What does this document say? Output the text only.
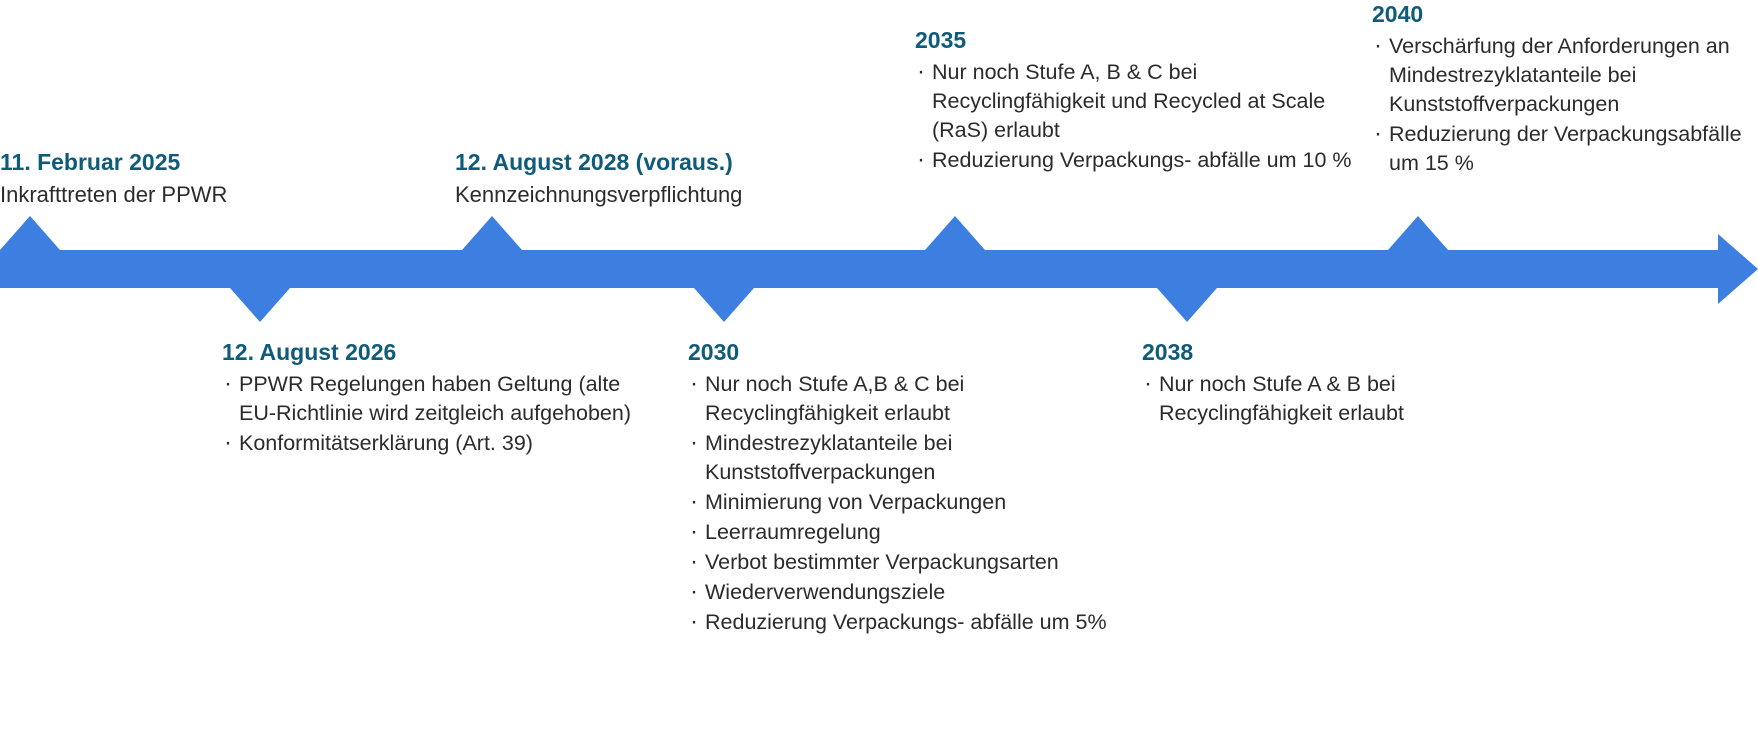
11. Februar 2025

Inkrafttreten der PPWR

12. August 2026

· PPWR Regelungen haben Geltung (alte EU-Richtlinie wird zeitgleich aufgehoben)
· Konformitätserklärung (Art. 39)

12. August 2028 (voraus.)

Kennzeichnungsverpflichtung

2030

· Nur noch Stufe A,B & C bei Recyclingfähigkeit erlaubt
· Mindestrezyklatanteile bei Kunststoffverpackungen
· Minimierung von Verpackungen
· Leerraumregelung
· Verbot bestimmter Verpackungsarten
· Wiederverwendungsziele
· Reduzierung Verpackungs- abfälle um 5%

2035

· Nur noch Stufe A, B & C bei Recyclingfähigkeit und Recycled at Scale (RaS) erlaubt
· Reduzierung Verpackungs- abfälle um 10 %

2038

· Nur noch Stufe A & B bei Recyclingfähigkeit erlaubt

2040

· Verschärfung der Anforderungen an Mindestrezyklatanteile bei Kunststoffverpackungen
· Reduzierung der Verpackungsabfälle um 15 %
